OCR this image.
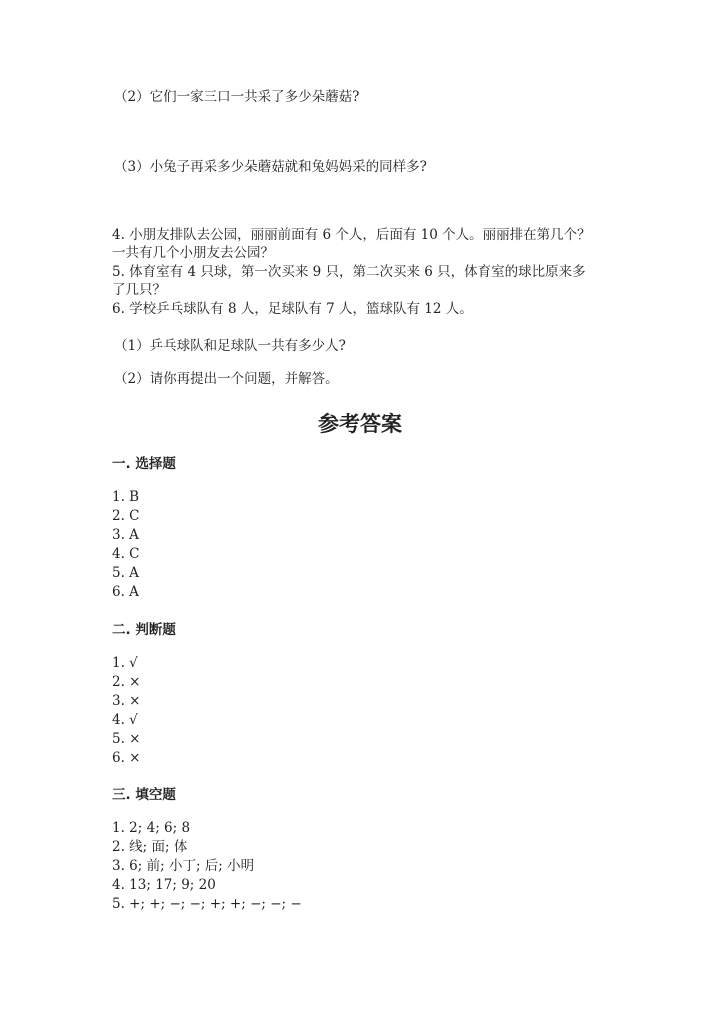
（2）它们一家三口一共采了多少朵蘑菇?
（3）小兔子再采多少朵蘑菇就和兔妈妈采的同样多?
4. 小朋友排队去公园，丽丽前面有 6 个人，后面有 10 个人。丽丽排在第几个？
一共有几个小朋友去公园？
5. 体育室有 4 只球，第一次买来 9 只，第二次买来 6 只，体育室的球比原来多
了几只？
6. 学校乒乓球队有 8 人，足球队有 7 人，篮球队有 12 人。
（1）乒乓球队和足球队一共有多少人?
（2）请你再提出一个问题，并解答。
参考答案
一. 选择题
1. B
2. C
3. A
4. C
5. A
6. A
二. 判断题
1. √
2. ×
3. ×
4. √
5. ×
6. ×
三. 填空题
1. 2; 4; 6; 8
2. 线; 面; 体
3. 6; 前; 小丁; 后; 小明
4. 13; 17; 9; 20
5. +; +; −; −; +; +; −; −; −
